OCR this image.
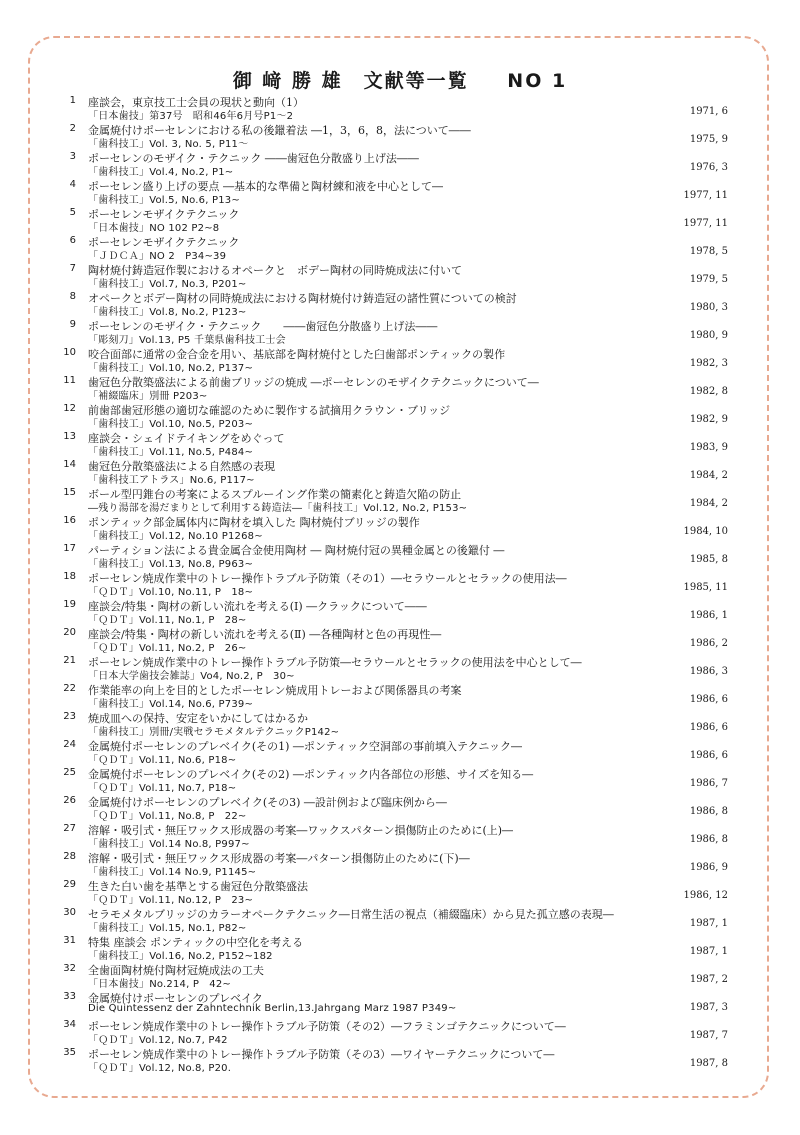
御 﨑 勝 雄　文献等一覧 NO 1
1 座談会，東京技工士会員の現状と動向（1）
「日本歯技」第37号　昭和46年6月号P1～2	1971, 6
2 金属焼付けポーセレンにおける私の後鑞着法 ―1，3，6，8，法について――
「歯科技工」Vol. 3, No. 5, P11～	1975, 9
3 ポーセレンのモザイク・テクニック ――歯冠色分散盛り上げ法――
「歯科技工」Vol.4, No.2, P1~	1976, 3
4 ポーセレン盛り上げの要点 ―基本的な準備と陶材練和液を中心として―
「歯科技工」Vol.5, No.6, P13~	1977, 11
5 ポーセレンモザイクテクニック
「日本歯技」NO 102 P2~8	1977, 11
6 ポーセレンモザイクテクニック
「ＪＤＣＡ」NO 2　P34~39	1978, 5
7 陶材焼付鋳造冠作製におけるオペークと　ボデー陶材の同時焼成法に付いて
「歯科技工」Vol.7, No.3, P201~	1979, 5
8 オペークとボデー陶材の同時焼成法における陶材焼付け鋳造冠の諸性質についての検討
「歯科技工」Vol.8, No.2, P123~	1980, 3
9 ポーセレンのモザイク・テクニック　　――歯冠色分散盛り上げ法――
「彫刻刀」Vol.13, P5 千葉県歯科技工士会	1980, 9
10 咬合面部に通常の金合金を用い、基底部を陶材焼付とした臼歯部ポンティックの製作
「歯科技工」Vol.10, No.2, P137~	1982, 3
11 歯冠色分散築盛法による前歯ブリッジの焼成 ―ポーセレンのモザイクテクニックについて―
「補綴臨床」別冊 P203~	1982, 8
12 前歯部歯冠形態の適切な確認のために製作する試摘用クラウン・ブリッジ
「歯科技工」Vol.10, No.5, P203~	1982, 9
13 座談会・シェイドテイキングをめぐって
「歯科技工」Vol.11, No.5, P484~	1983, 9
14 歯冠色分散築盛法による自然感の表現
「歯科技工アトラス」No.6, P117~	1984, 2
15 ボール型円錐台の考案によるスプルーイング作業の簡素化と鋳造欠陥の防止
―残り湯部を湯だまりとして利用する鋳造法―「歯科技工」Vol.12, No.2, P153~	1984, 2
16 ポンティック部金属体内に陶材を填入した 陶材焼付ブリッジの製作
「歯科技工」Vol.12, No.10 P1268~	1984, 10
17 パーティション法による貴金属合金使用陶材 ― 陶材焼付冠の異種金属との後鑞付 ―
「歯科技工」Vol.13, No.8, P963~	1985, 8
18 ポーセレン焼成作業中のトレー操作トラブル予防策（その1）―セラウールとセラックの使用法―
「ＱＤＴ」Vol.10, No.11, P　18~	1985, 11
19 座談会/特集・陶材の新しい流れを考える(Ⅰ) ―クラックについて――
「ＱＤＴ」Vol.11, No.1, P　28~	1986, 1
20 座談会/特集・陶材の新しい流れを考える(Ⅱ) ―各種陶材と色の再現性―
「ＱＤＴ」Vol.11, No.2, P　26~	1986, 2
21 ポーセレン焼成作業中のトレー操作トラブル予防策―セラウールとセラックの使用法を中心として―
「日本大学歯技会雑誌」Vo4, No.2, P　30~	1986, 3
22 作業能率の向上を目的としたポーセレン焼成用トレーおよび関係器具の考案
「歯科技工」Vol.14, No.6, P739~	1986, 6
23 焼成皿への保持、安定をいかにしてはかるか
「歯科技工」別冊/実戦セラモメタルテクニックP142~	1986, 6
24 金属焼付ポーセレンのプレベイク(その1) ―ポンティック空洞部の事前填入テクニック―
「ＱＤＴ」Vol.11, No.6, P18~	1986, 6
25 金属焼付ポーセレンのプレベイク(その2) ―ポンティック内各部位の形態、サイズを知る―
「ＱＤＴ」Vol.11, No.7, P18~	1986, 7
26 金属焼付けポーセレンのプレベイク(その3) ―設計例および臨床例から―
「ＱＤＴ」Vol.11, No.8, P　22~	1986, 8
27 溶解・吸引式・無圧ワックス形成器の考案―ワックスパターン損傷防止のために(上)―
「歯科技工」Vol.14 No.8, P997~	1986, 8
28 溶解・吸引式・無圧ワックス形成器の考案―パターン損傷防止のために(下)―
「歯科技工」Vol.14 No.9, P1145~	1986, 9
29 生きた白い歯を基準とする歯冠色分散築盛法
「ＱＤＴ」Vol.11, No.12, P　23~	1986, 12
30 セラモメタルブリッジのカラーオペークテクニック―日常生活の視点（補綴臨床）から見た孤立感の表現―
「歯科技工」Vol.15, No.1, P82~	1987, 1
31 特集 座談会 ポンティックの中空化を考える
「歯科技工」Vol.16, No.2, P152~182	1987, 1
32 全歯面陶材焼付陶材冠焼成法の工夫
「日本歯技」No.214, P　42~	1987, 2
33 金属焼付けポーセレンのプレベイク
Die Quintessenz der Zahntechnik Berlin,13.Jahrgang Marz 1987 P349~	1987, 3
34 ポーセレン焼成作業中のトレー操作トラブル予防策（その2）―フラミンゴテクニックについて―
「ＱＤＴ」Vol.12, No.7, P42	1987, 7
35 ポーセレン焼成作業中のトレー操作トラブル予防策（その3）―ワイヤーテクニックについて―
「ＱＤＴ」Vol.12, No.8, P20.	1987, 8
